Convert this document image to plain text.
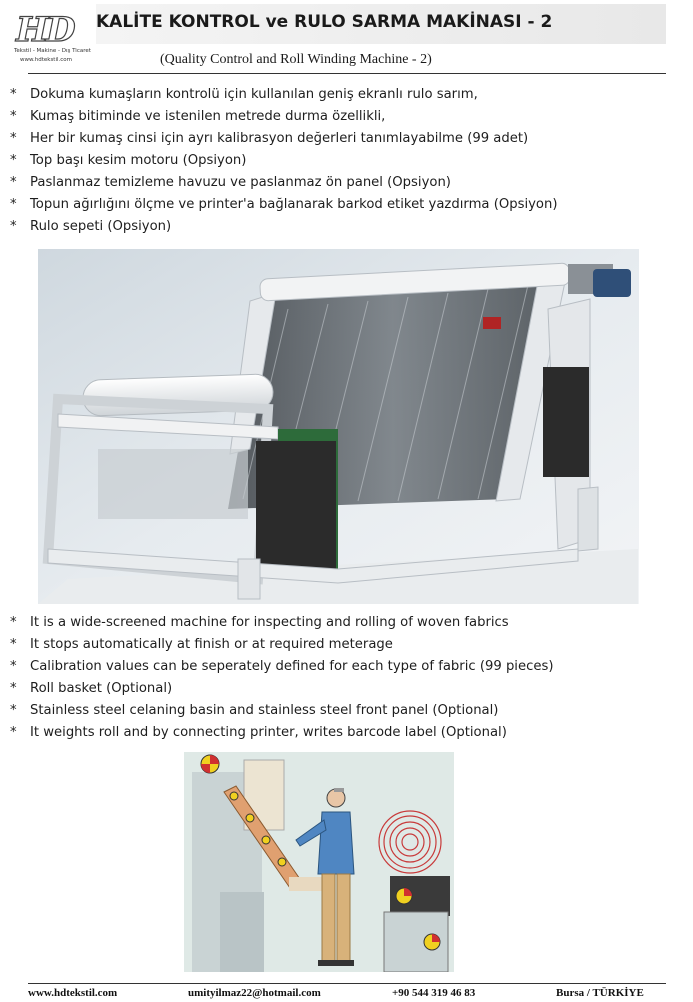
HD
Tekstil - Makine - Dış Ticaret
www.hdtekstil.com
KALİTE KONTROL ve RULO SARMA MAKİNASI - 2
(Quality Control and Roll Winding Machine - 2)
* Dokuma kumaşların kontrolü için kullanılan geniş ekranlı rulo sarım,
* Kumaş bitiminde ve istenilen metrede durma özellikli,
* Her bir kumaş cinsi için ayrı kalibrasyon değerleri tanımlayabilme (99 adet)
* Top başı kesim motoru (Opsiyon)
* Paslanmaz temizleme havuzu ve paslanmaz ön panel (Opsiyon)
* Topun ağırlığını ölçme ve printer'a bağlanarak barkod etiket yazdırma (Opsiyon)
* Rulo sepeti (Opsiyon)
* It is a wide-screened machine for inspecting and rolling of woven fabrics
* It stops automatically at finish or at required meterage
* Calibration values can be seperately defined for each type of fabric (99 pieces)
* Roll basket (Optional)
* Stainless steel celaning basin and stainless steel front panel (Optional)
* It weights roll and by connecting printer, writes barcode label (Optional)
www.hdtekstil.com	umityilmaz22@hotmail.com	+90 544 319 46 83	Bursa / TÜRKİYE
